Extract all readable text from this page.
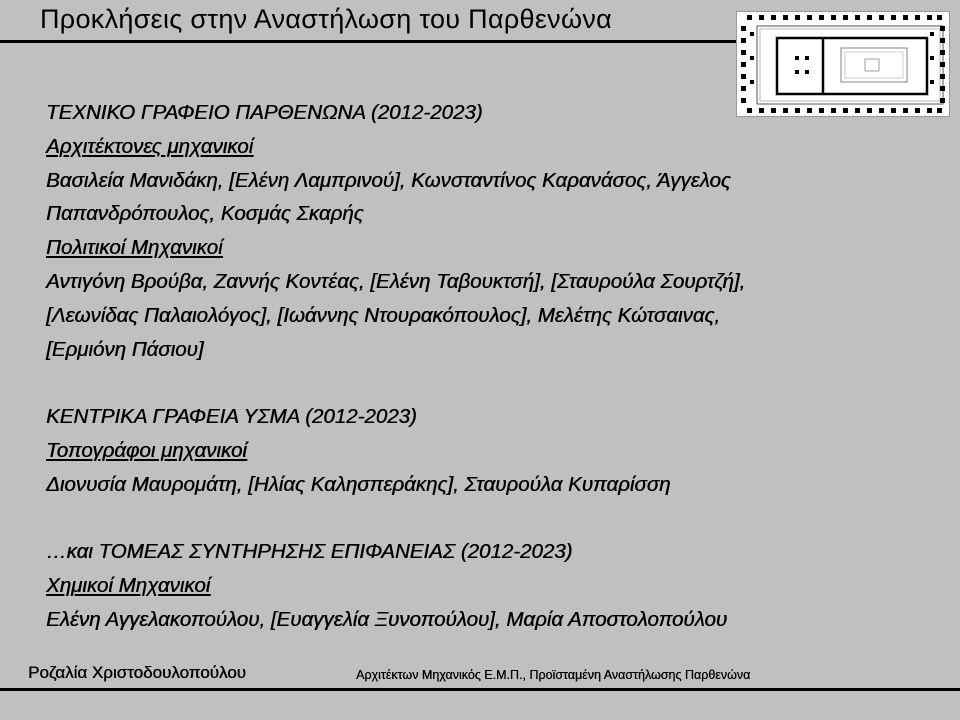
Προκλήσεις στην Αναστήλωση του Παρθενώνα
ΤΕΧΝΙΚΟ ΓΡΑΦΕΙΟ ΠΑΡΘΕΝΩΝΑ (2012-2023)
Αρχιτέκτονες μηχανικοί
Βασιλεία Μανιδάκη, [Ελένη Λαμπρινού], Κωνσταντίνος Καρανάσος, Άγγελος
Παπανδρόπουλος, Κοσμάς Σκαρής
Πολιτικοί Μηχανικοί
Αντιγόνη Βρούβα, Ζαννής Κοντέας, [Ελένη Ταβουκτσή], [Σταυρούλα Σουρτζή],
[Λεωνίδας Παλαιολόγος], [Ιωάννης Ντουρακόπουλος], Μελέτης Κώτσαινας,
[Ερμιόνη Πάσιου]
ΚΕΝΤΡΙΚΑ ΓΡΑΦΕΙΑ ΥΣΜΑ (2012-2023)
Τοπογράφοι μηχανικοί
Διονυσία Μαυρομάτη, [Ηλίας Καλησπεράκης], Σταυρούλα Κυπαρίσση
…και ΤΟΜΕΑΣ ΣΥΝΤΗΡΗΣΗΣ ΕΠΙΦΑΝΕΙΑΣ (2012-2023)
Χημικοί Μηχανικοί
Ελένη Αγγελακοπούλου, [Ευαγγελία Ξυνοπούλου], Μαρία Αποστολοπούλου
Ροζαλία Χριστοδουλοπούλου	Αρχιτέκτων Μηχανικός Ε.Μ.Π., Προϊσταμένη Αναστήλωσης Παρθενώνα
